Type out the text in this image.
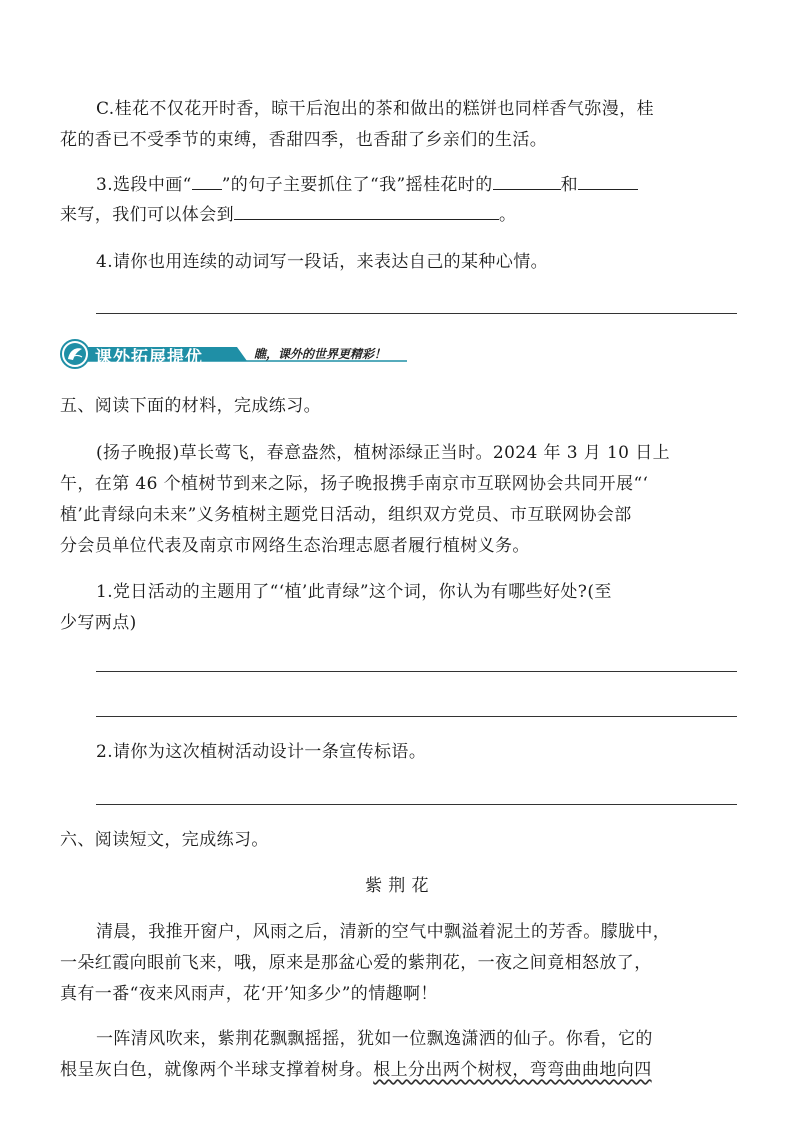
C.桂花不仅花开时香，晾干后泡出的茶和做出的糕饼也同样香气弥漫，桂
花的香已不受季节的束缚，香甜四季，也香甜了乡亲们的生活。
3.选段中画“ ”的句子主要抓住了“我”摇桂花时的	和
来写，我们可以体会到	。
4.请你也用连续的动词写一段话，来表达自己的某种心情。
课外拓展提优	瞧，课外的世界更精彩！
五、阅读下面的材料，完成练习。
(扬子晚报)草长莺飞，春意盎然，植树添绿正当时。2024 年 3 月 10 日上
午，在第 46 个植树节到来之际，扬子晚报携手南京市互联网协会共同开展“‘
植’此青绿向未来”义务植树主题党日活动，组织双方党员、市互联网协会部
分会员单位代表及南京市网络生态治理志愿者履行植树义务。
1.党日活动的主题用了“‘植’此青绿”这个词，你认为有哪些好处?(至
少写两点)
2.请你为这次植树活动设计一条宣传标语。
六、阅读短文，完成练习。
紫 荆 花
清晨，我推开窗户，风雨之后，清新的空气中飘溢着泥土的芳香。朦胧中，
一朵红霞向眼前飞来，哦，原来是那盆心爱的紫荆花，一夜之间竟相怒放了，
真有一番“夜来风雨声，花‘开’知多少”的情趣啊！
一阵清风吹来，紫荆花飘飘摇摇，犹如一位飘逸潇洒的仙子。你看，它的
根呈灰白色，就像两个半球支撑着树身。根上分出两个树杈，弯弯曲曲地向四
